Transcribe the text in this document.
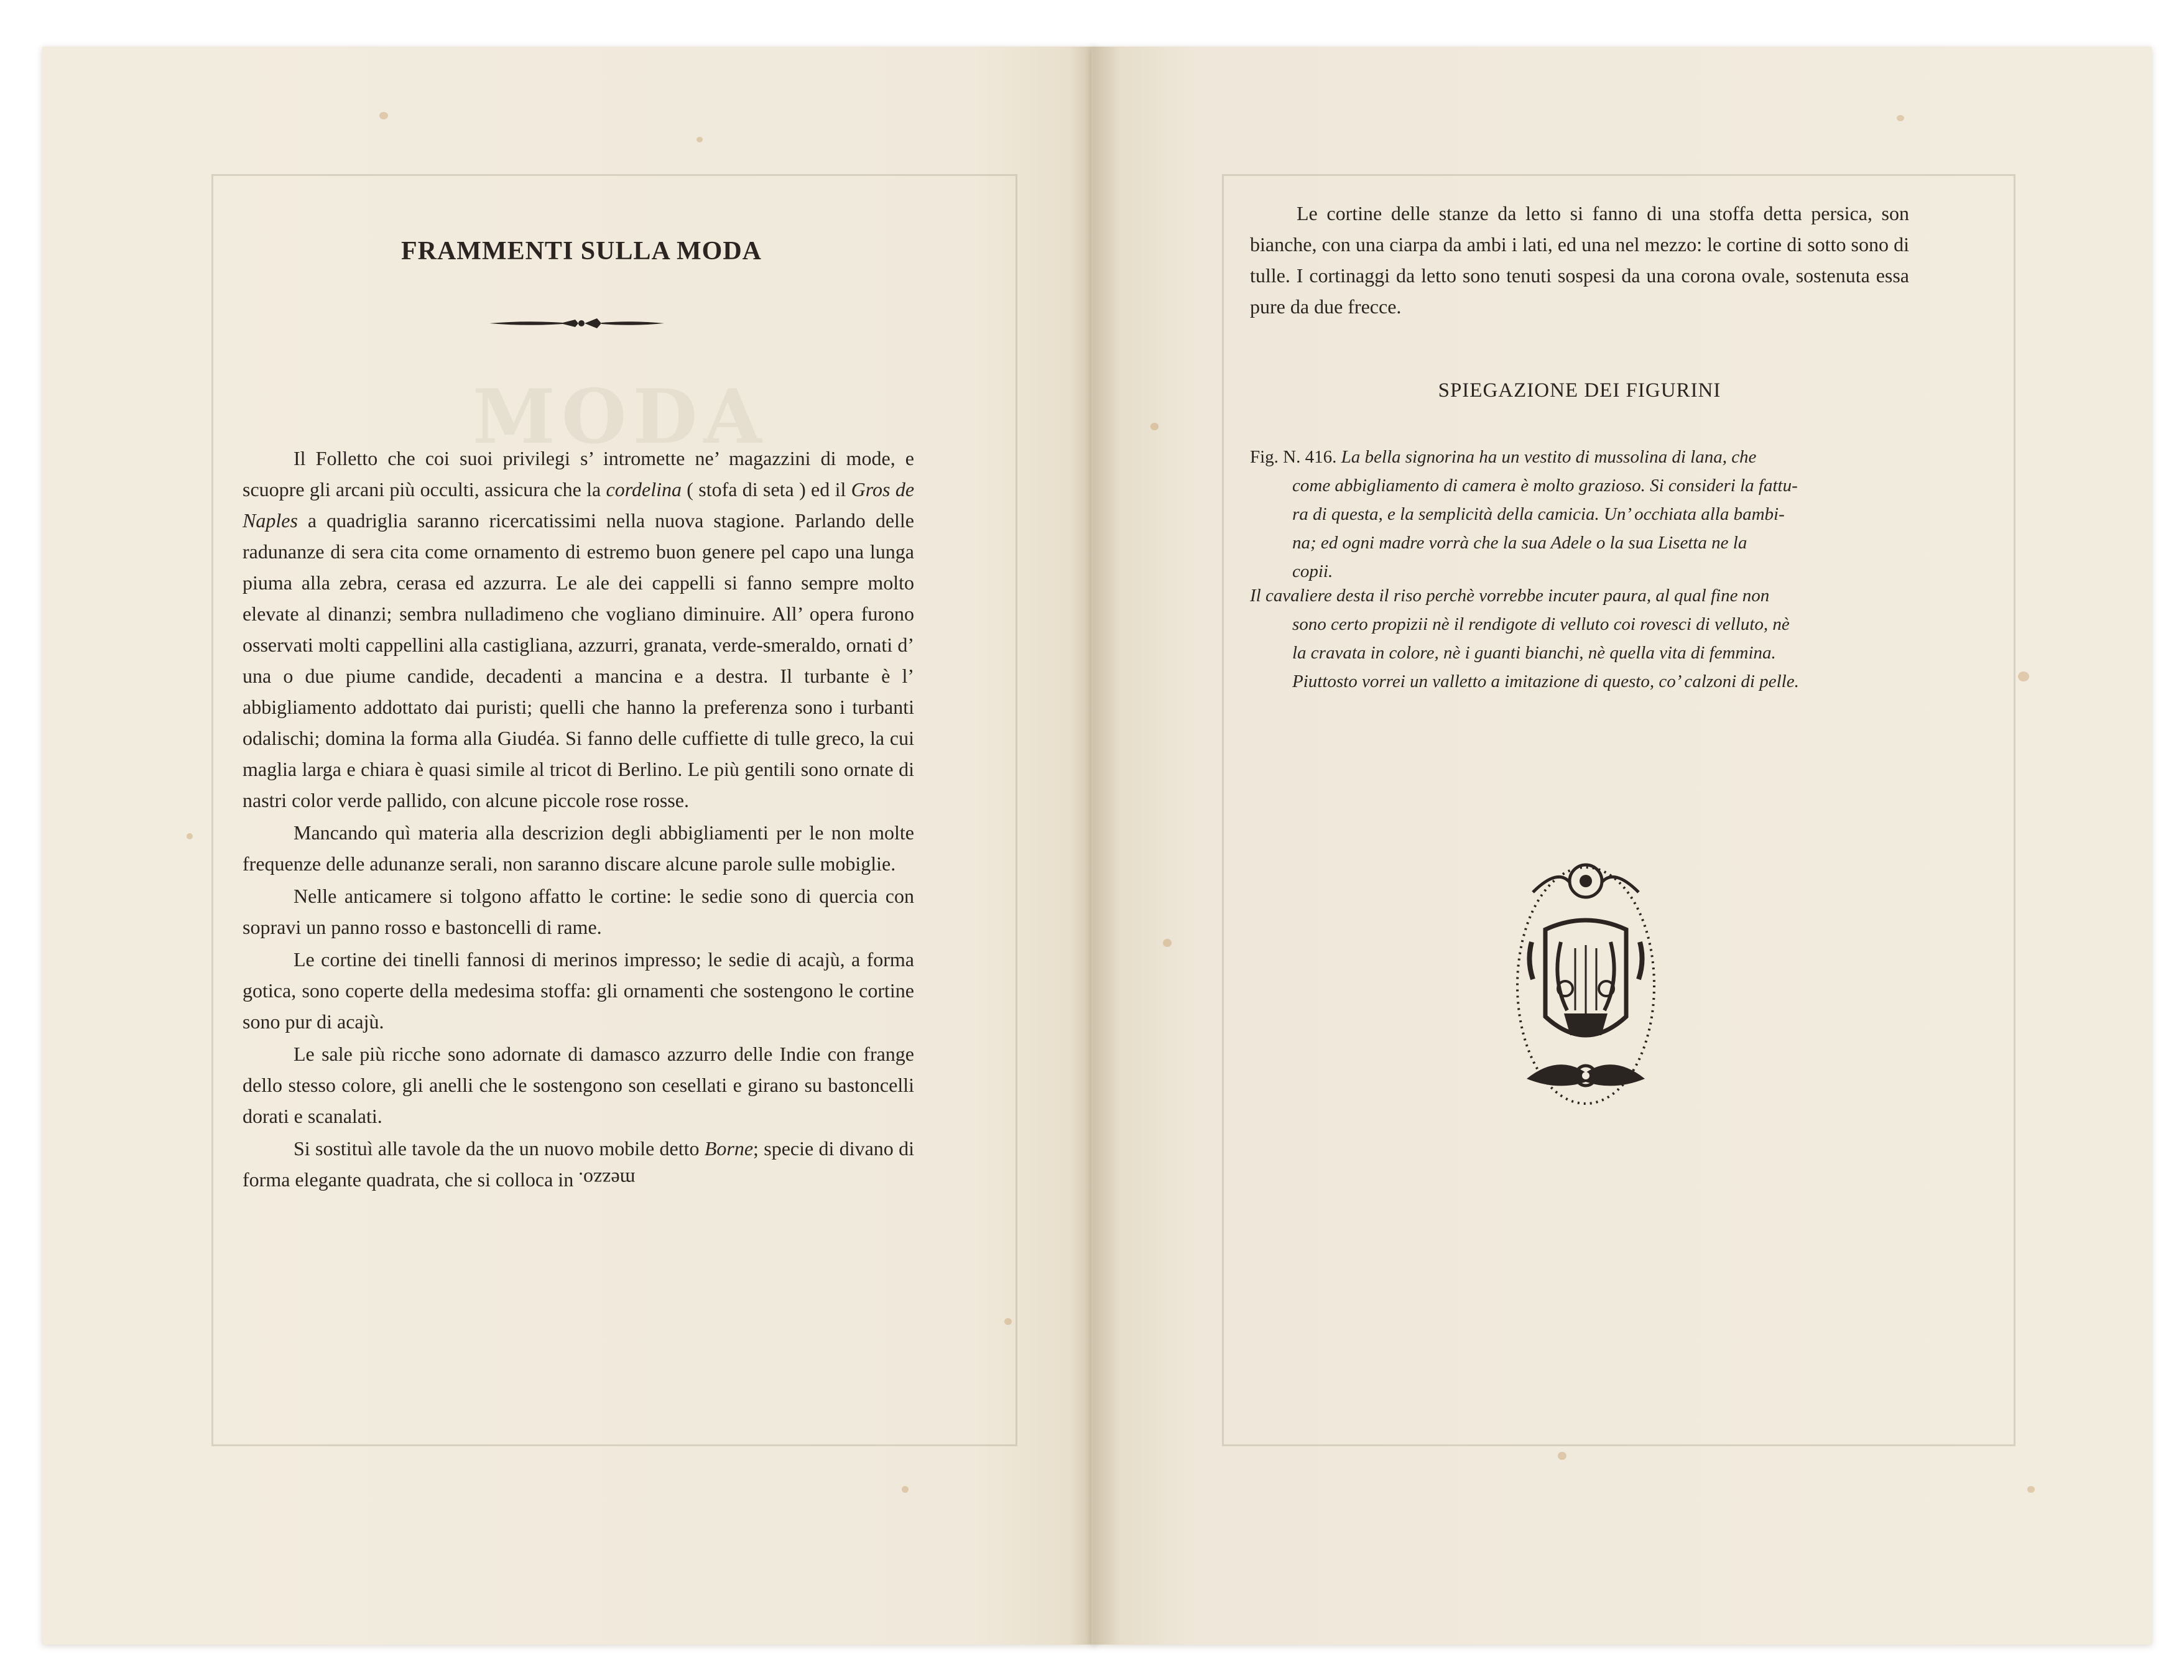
MODA
FRAMMENTI SULLA MODA

Il Folletto che coi suoi privilegi s’ intromette ne’ magazzini di mode, e scuopre gli arcani più occulti, assicura che la cordelina ( stofa di seta ) ed il Gros de Naples a quadriglia saranno ricercatissimi nella nuova stagione. Parlando delle radunanze di sera cita come ornamento di estremo buon genere pel capo una lunga piuma alla zebra, cerasa ed azzurra. Le ale dei cappelli si fanno sempre molto elevate al dinanzi; sembra nulladimeno che vogliano diminuire. All’ opera furono osservati molti cappellini alla castigliana, azzurri, granata, verde-smeraldo, ornati d’ una o due piume candide, decadenti a mancina e a destra. Il turbante è l’ abbigliamento addottato dai puristi; quelli che hanno la preferenza sono i turbanti odalischi; domina la forma alla Giudéa. Si fanno delle cuffiette di tulle greco, la cui maglia larga e chiara è quasi simile al tricot di Berlino. Le più gentili sono ornate di nastri color verde pallido, con alcune piccole rose rosse.

Mancando quì materia alla descrizion degli abbigliamenti per le non molte frequenze delle adunanze serali, non saranno discare alcune parole sulle mobiglie.

Nelle anticamere si tolgono affatto le cortine: le sedie sono di quercia con sopravi un panno rosso e bastoncelli di rame.

Le cortine dei tinelli fannosi di merinos impresso; le sedie di acajù, a forma gotica, sono coperte della medesima stoffa: gli ornamenti che sostengono le cortine sono pur di acajù.

Le sale più ricche sono adornate di damasco azzurro delle Indie con frange dello stesso colore, gli anelli che le sostengono son cesellati e girano su bastoncelli dorati e scanalati.

Si sostituì alle tavole da the un nuovo mobile detto Borne; specie di divano di forma elegante quadrata, che si colloca in mezzo.

Le cortine delle stanze da letto si fanno di una stoffa detta persica, son bianche, con una ciarpa da ambi i lati, ed una nel mezzo: le cortine di sotto sono di tulle. I cortinaggi da letto sono tenuti sospesi da una corona ovale, sostenuta essa pure da due frecce.

SPIEGAZIONE DEI FIGURINI
Fig. N. 416. La bella signorina ha un vestito di mussolina di lana, che
come abbigliamento di camera è molto grazioso. Si consideri la fattu-
ra di questa, e la semplicità della camicia. Un’ occhiata alla bambi-
na; ed ogni madre vorrà che la sua Adele o la sua Lisetta ne la
copii.
Il cavaliere desta il riso perchè vorrebbe incuter paura, al qual fine non
sono certo propizii nè il rendigote di velluto coi rovesci di velluto, nè
la cravata in colore, nè i guanti bianchi, nè quella vita di femmina.
Piuttosto vorrei un valletto a imitazione di questo, co’ calzoni di pelle.
